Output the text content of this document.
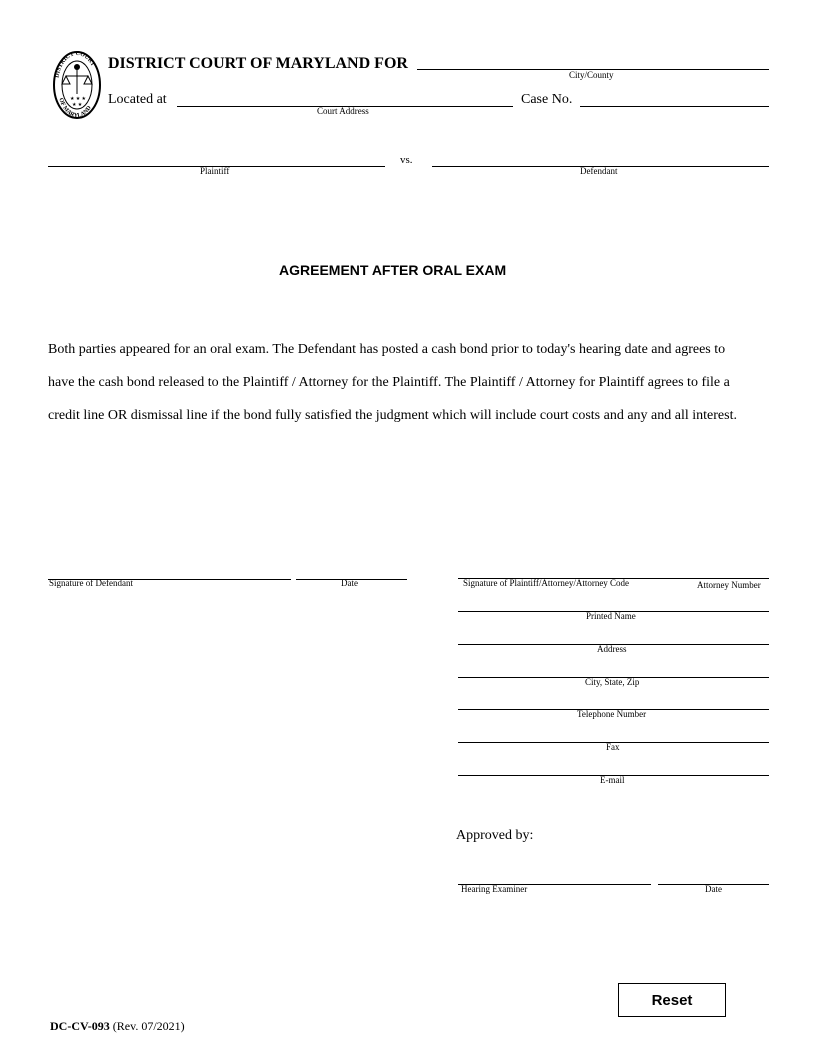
★ ★ ★
★ ★
DISTRICT COURT
OF MARYLAND
DISTRICT COURT OF MARYLAND FOR
City/County
Located at
Court Address
Case No.
Plaintiff
vs.
Defendant
AGREEMENT AFTER ORAL EXAM
Both parties appeared for an oral exam. The Defendant has posted a cash bond prior to today's hearing date and agrees to
have the cash bond released to the Plaintiff / Attorney for the Plaintiff. The Plaintiff / Attorney for Plaintiff agrees to file a
credit line OR dismissal line if the bond fully satisfied the judgment which will include court costs and any and all interest.
Signature of Defendant	Date	Signature of Plaintiff/Attorney/Attorney Code	Attorney Number
Printed Name
Address
City, State, Zip
Telephone Number
Fax
E-mail
Approved by:
Hearing Examiner	Date
Reset
DC-CV-093 (Rev. 07/2021)
